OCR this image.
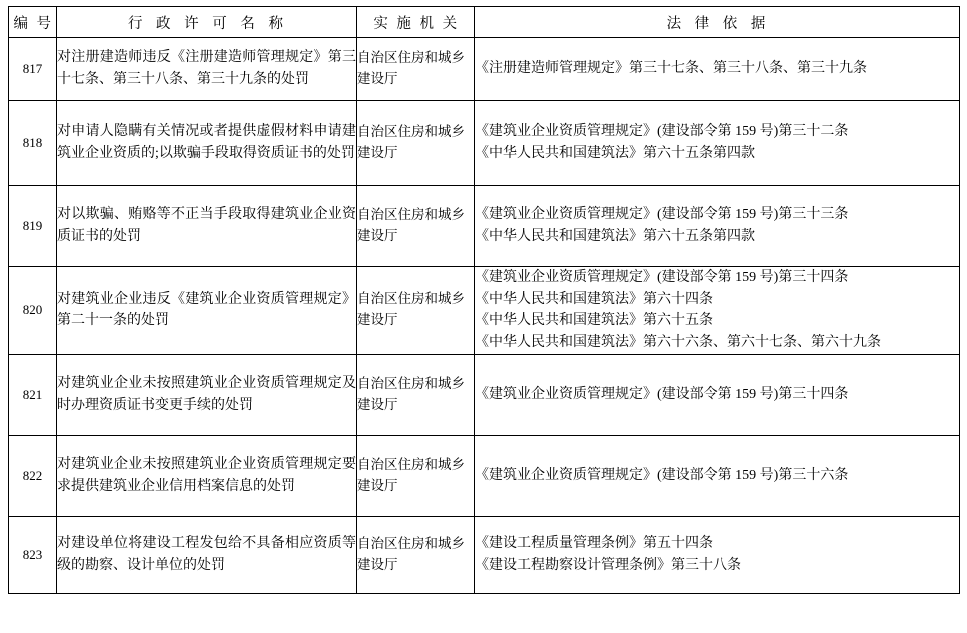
编 号	行 政 许 可 名 称	实 施 机 关	法 律 依 据
817	对注册建造师违反《注册建造师管理规定》第三十七条、第三十八条、第三十九条的处罚	自治区住房和城乡建设厅	《注册建造师管理规定》第三十七条、第三十八条、第三十九条

818	对申请人隐瞒有关情况或者提供虚假材料申请建筑业企业资质的;以欺骗手段取得资质证书的处罚	自治区住房和城乡建设厅	《建筑业企业资质管理规定》(建设部令第 159 号)第三十二条
《中华人民共和国建筑法》第六十五条第四款

819	对以欺骗、贿赂等不正当手段取得建筑业企业资质证书的处罚	自治区住房和城乡建设厅	《建筑业企业资质管理规定》(建设部令第 159 号)第三十三条
《中华人民共和国建筑法》第六十五条第四款

820	对建筑业企业违反《建筑业企业资质管理规定》第二十一条的处罚	自治区住房和城乡建设厅	《建筑业企业资质管理规定》(建设部令第 159 号)第三十四条
《中华人民共和国建筑法》第六十四条
《中华人民共和国建筑法》第六十五条
《中华人民共和国建筑法》第六十六条、第六十七条、第六十九条

821	对建筑业企业未按照建筑业企业资质管理规定及时办理资质证书变更手续的处罚	自治区住房和城乡建设厅	《建筑业企业资质管理规定》(建设部令第 159 号)第三十四条

822	对建筑业企业未按照建筑业企业资质管理规定要求提供建筑业企业信用档案信息的处罚	自治区住房和城乡建设厅	《建筑业企业资质管理规定》(建设部令第 159 号)第三十六条

823	对建设单位将建设工程发包给不具备相应资质等级的勘察、设计单位的处罚	自治区住房和城乡建设厅	《建设工程质量管理条例》第五十四条
《建设工程勘察设计管理条例》第三十八条
